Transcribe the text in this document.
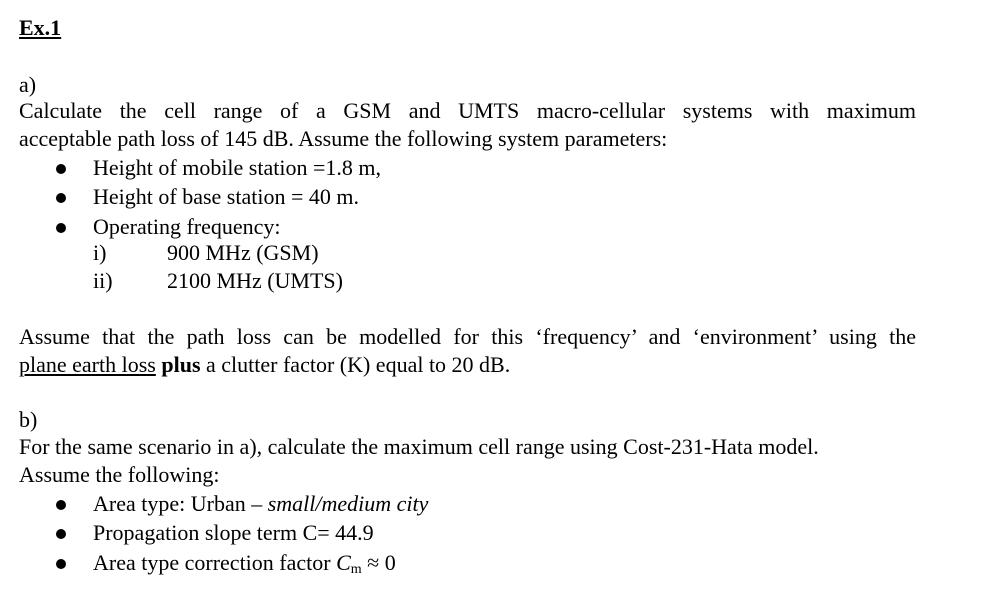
Ex.1
a)
Calculate the cell range of a GSM and UMTS macro-cellular systems with maximum
acceptable path loss of 145 dB. Assume the following system parameters:
Height of mobile station =1.8 m,
Height of base station = 40 m.
Operating frequency:
i)	900 MHz (GSM)
ii) 2100 MHz (UMTS)
Assume that the path loss can be modelled for this ‘frequency’ and ‘environment’ using the
plane earth loss plus a clutter factor (K) equal to 20 dB.
b)
For the same scenario in a), calculate the maximum cell range using Cost-231-Hata model.
Assume the following:
Area type: Urban – small/medium city
Propagation slope term C= 44.9
Area type correction factor $C_m \approx 0$
